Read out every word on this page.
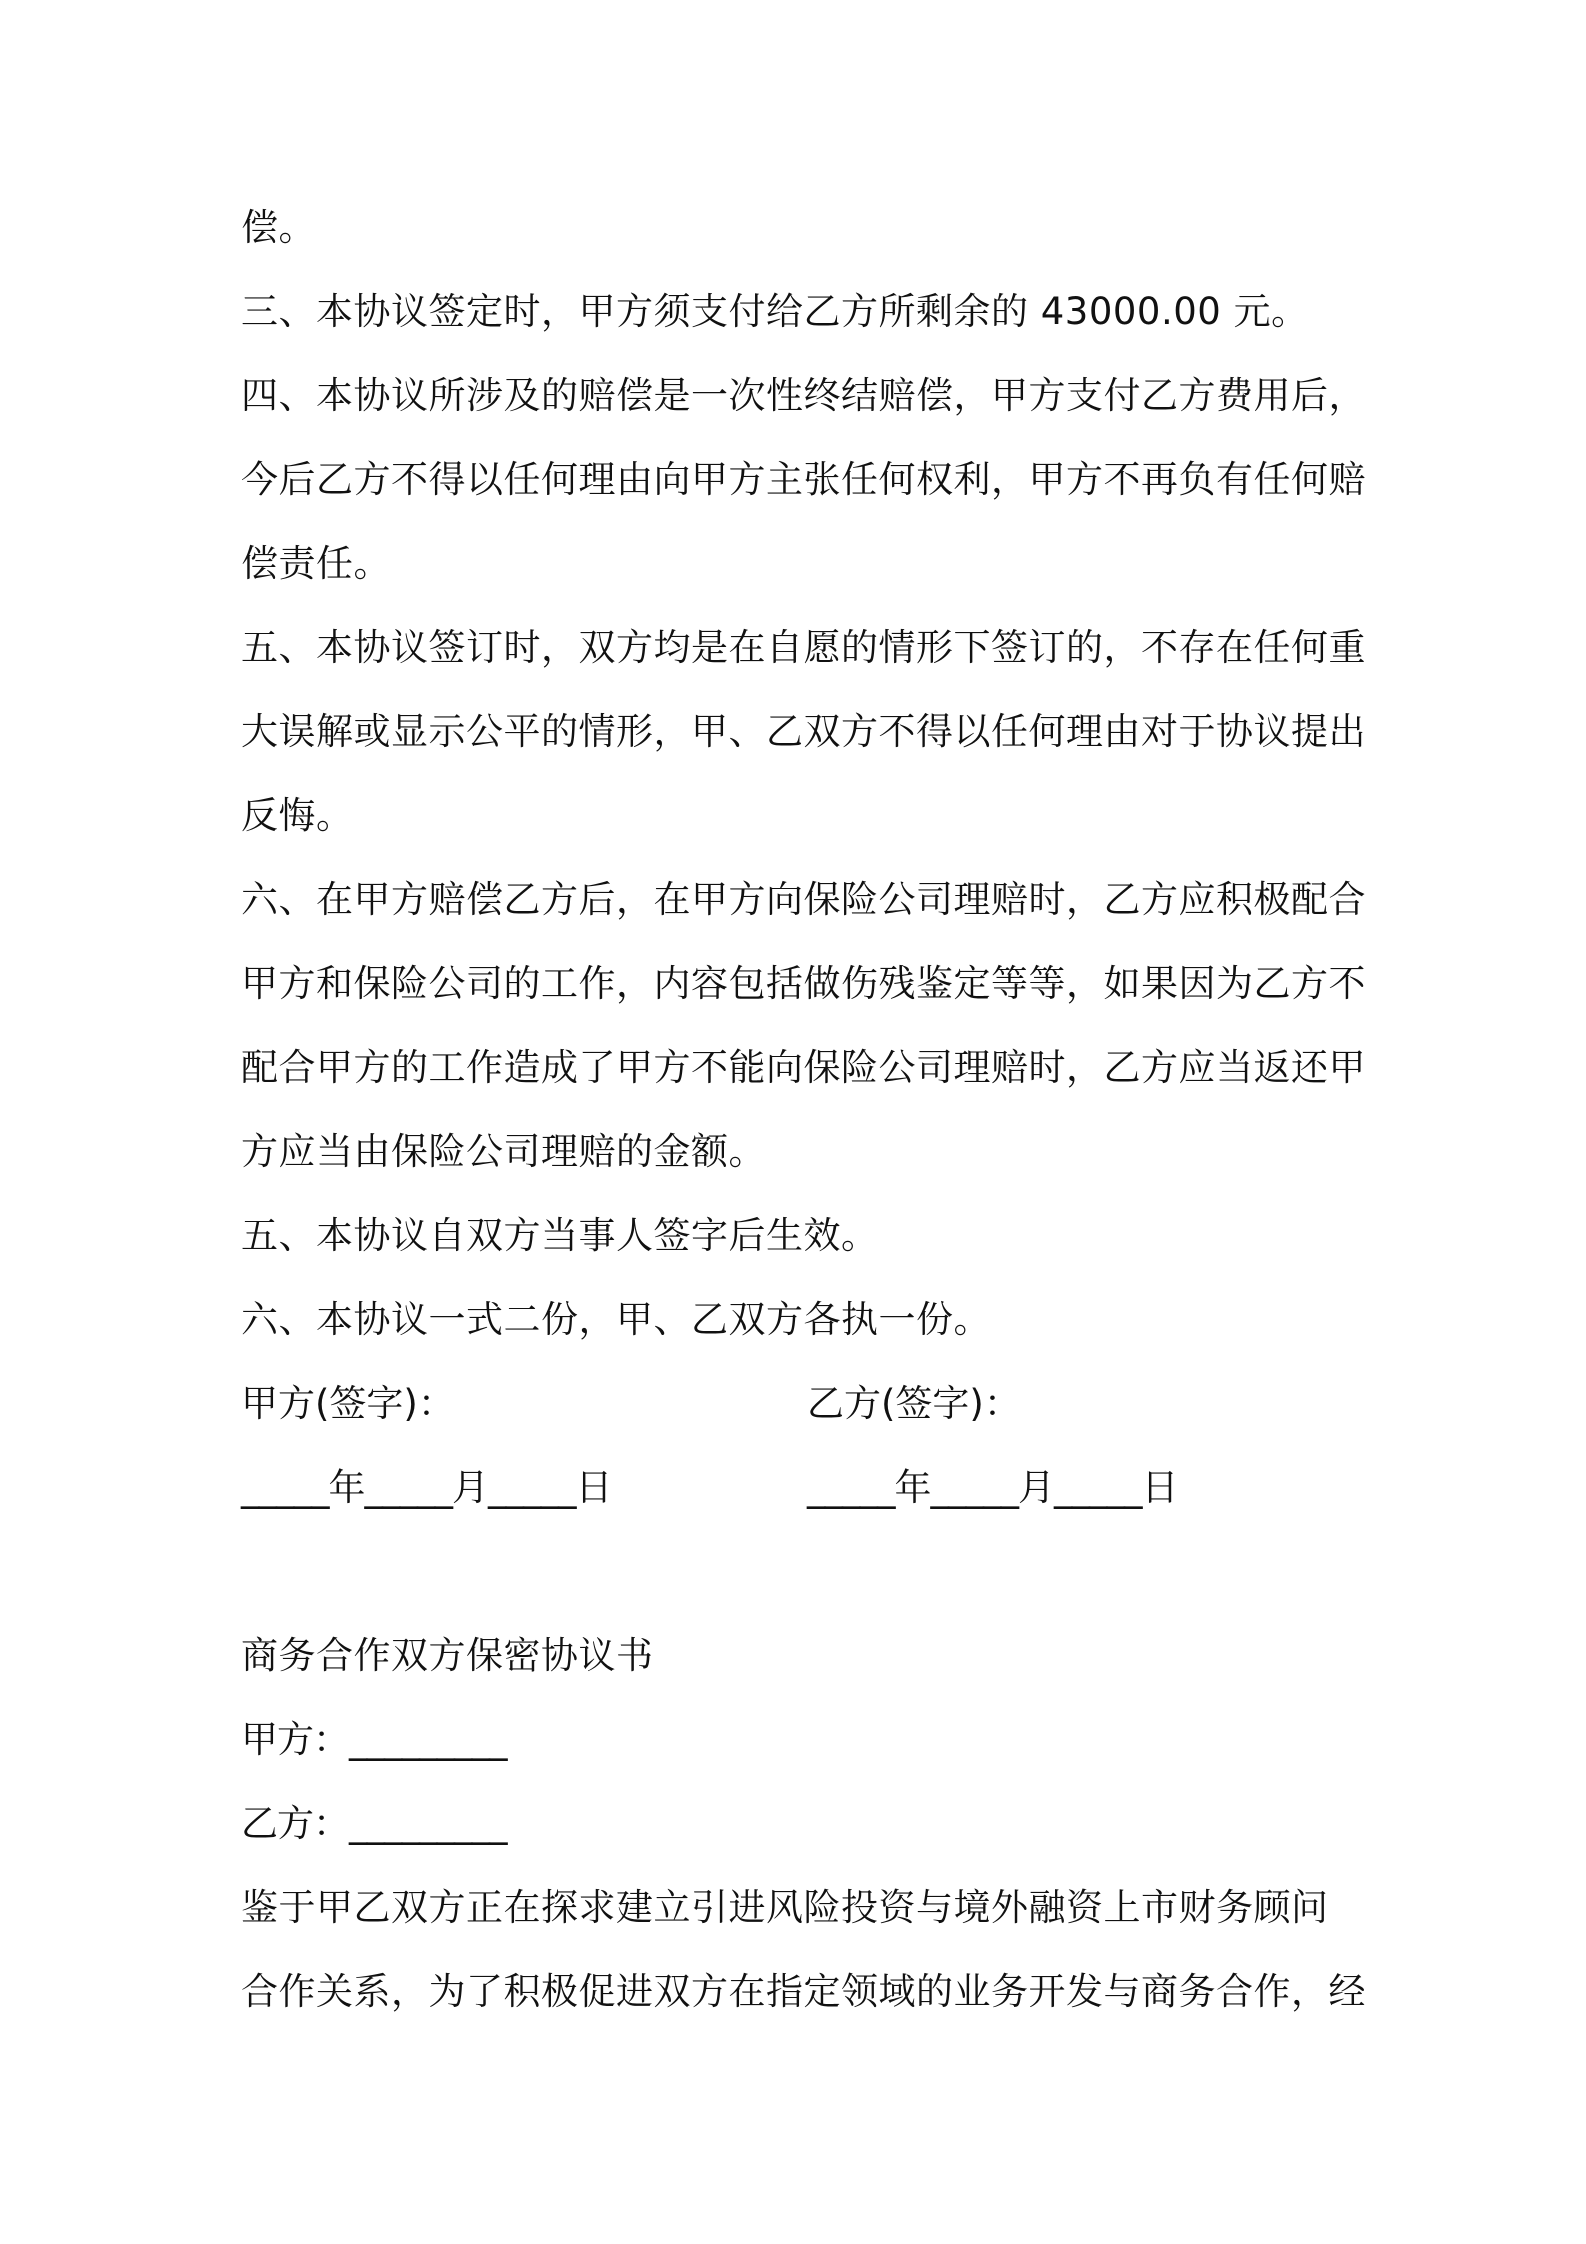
偿。
三、本协议签定时，甲方须支付给乙方所剩余的 43000.00 元。
四、本协议所涉及的赔偿是一次性终结赔偿，甲方支付乙方费用后，
今后乙方不得以任何理由向甲方主张任何权利，甲方不再负有任何赔
偿责任。
五、本协议签订时，双方均是在自愿的情形下签订的，不存在任何重
大误解或显示公平的情形，甲、乙双方不得以任何理由对于协议提出
反悔。
六、在甲方赔偿乙方后，在甲方向保险公司理赔时，乙方应积极配合
甲方和保险公司的工作，内容包括做伤残鉴定等等，如果因为乙方不
配合甲方的工作造成了甲方不能向保险公司理赔时，乙方应当返还甲
方应当由保险公司理赔的金额。
五、本协议自双方当事人签字后生效。
六、本协议一式二份，甲、乙双方各执一份。
甲方(签字)：	乙方(签字)：
_____年_____月_____日	_____年_____月_____日
商务合作双方保密协议书
甲方：_________
乙方：_________
鉴于甲乙双方正在探求建立引进风险投资与境外融资上市财务顾问
合作关系，为了积极促进双方在指定领域的业务开发与商务合作，经
